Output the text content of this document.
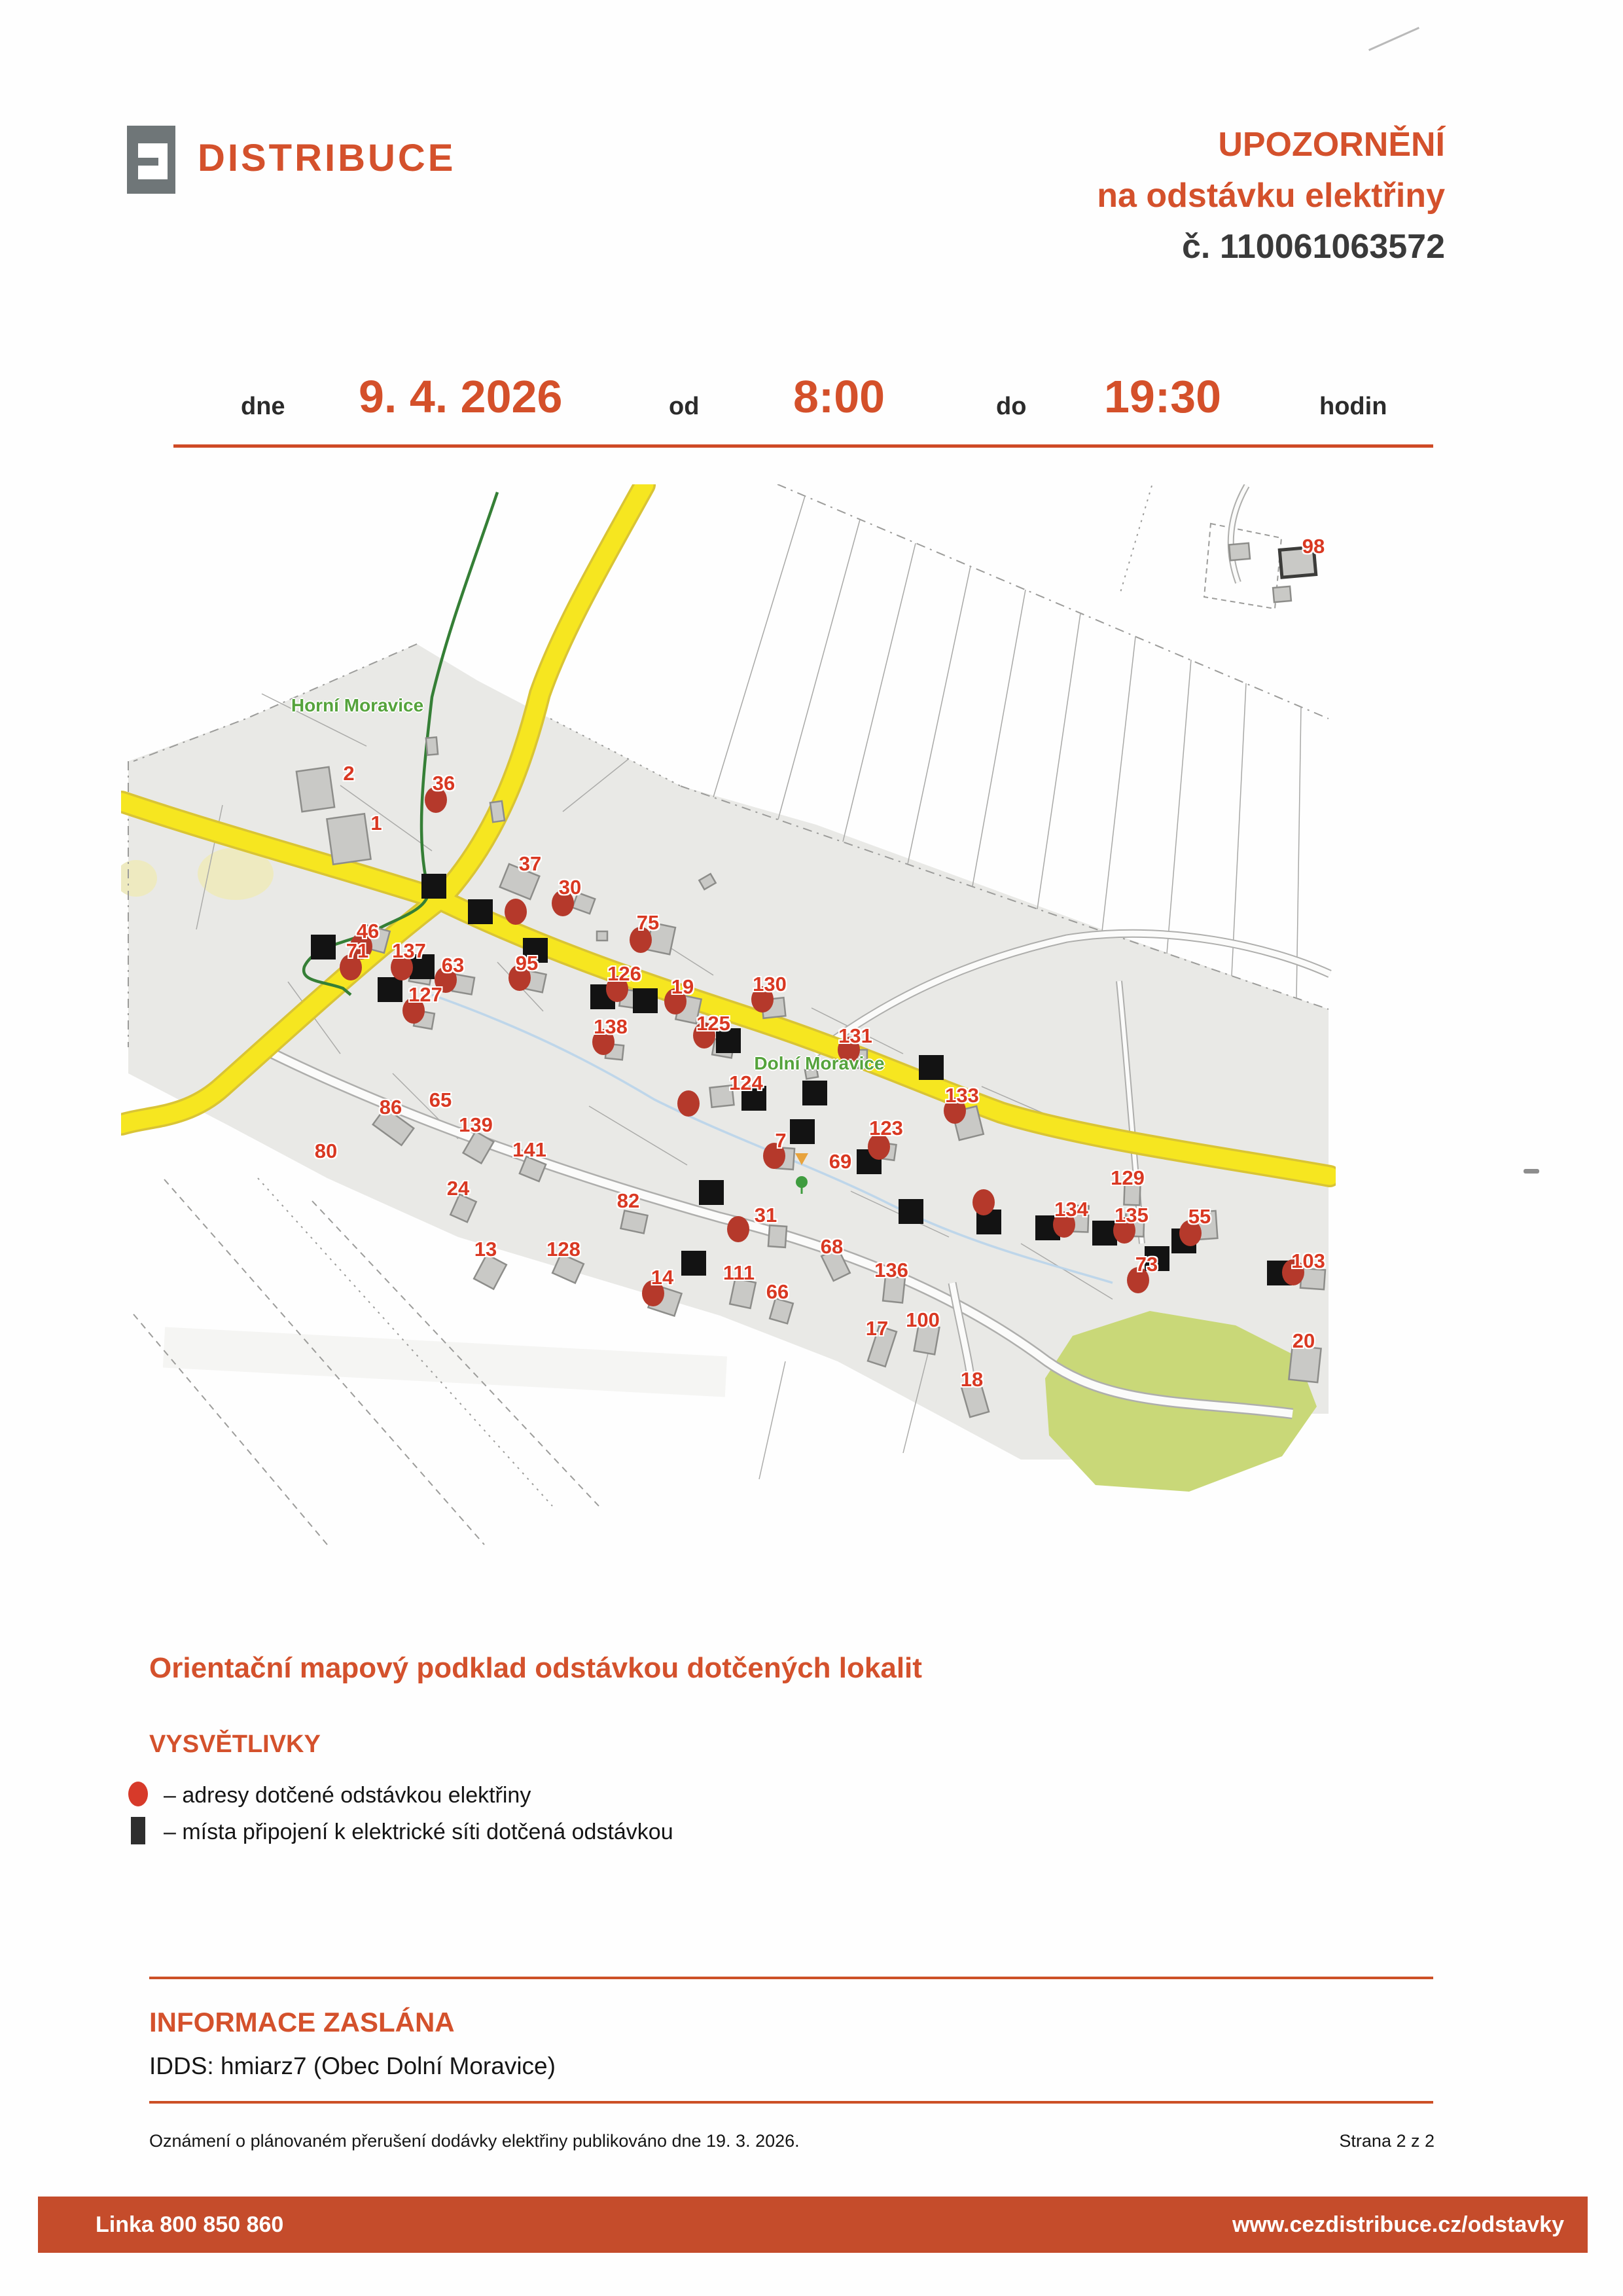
DISTRIBUCE	UPOZORNĚNÍ
na odstávku elektřiny
č. 110061063572
dne 9. 4. 2026	od 8:00	do 19:30	hodin
98
2	36
1
37
30
75
46
71 137
63	95	126
19	130
127
138	125
131
124
133
123
7
69
86 65
139
80	141
24
82
31
13 128	68
129
134 135 55
73	103
14 111
66
136
17 100
18
20
Horní Moravice
Dolní Moravice
Orientační mapový podklad odstávkou dotčených lokalit
VYSVĚTLIVKY
– adresy dotčené odstávkou elektřiny
– místa připojení k elektrické síti dotčená odstávkou
INFORMACE ZASLÁNA
IDDS: hmiarz7 (Obec Dolní Moravice)
Oznámení o plánovaném přerušení dodávky elektřiny publikováno dne 19. 3. 2026.	Strana 2 z 2
Linka 800 850 860	www.cezdistribuce.cz/odstavky
